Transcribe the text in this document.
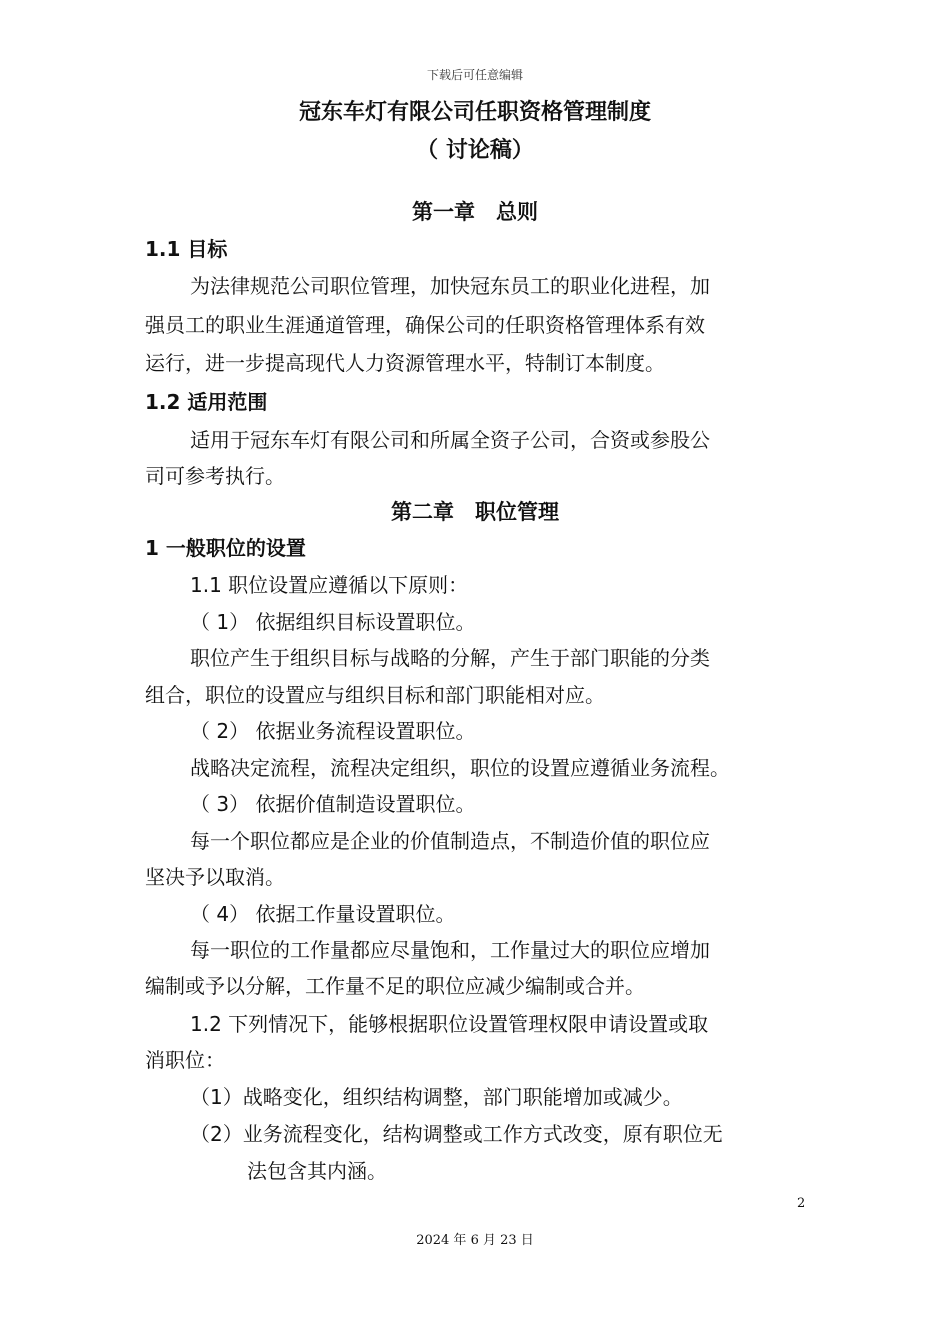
下载后可任意编辑
冠东车灯有限公司任职资格管理制度
（ 讨论稿）
第一章　总则
1.1 目标
为法律规范公司职位管理，加快冠东员工的职业化进程，加
强员工的职业生涯通道管理，确保公司的任职资格管理体系有效
运行，进一步提高现代人力资源管理水平，特制订本制度。
1.2 适用范围
适用于冠东车灯有限公司和所属全资子公司，合资或参股公
司可参考执行。
第二章　职位管理
1 一般职位的设置
1.1 职位设置应遵循以下原则：
（ 1） 依据组织目标设置职位。
职位产生于组织目标与战略的分解，产生于部门职能的分类
组合，职位的设置应与组织目标和部门职能相对应。
（ 2） 依据业务流程设置职位。
战略决定流程，流程决定组织，职位的设置应遵循业务流程。
（ 3） 依据价值制造设置职位。
每一个职位都应是企业的价值制造点，不制造价值的职位应
坚决予以取消。
（ 4） 依据工作量设置职位。
每一职位的工作量都应尽量饱和，工作量过大的职位应增加
编制或予以分解，工作量不足的职位应减少编制或合并。
1.2 下列情况下，能够根据职位设置管理权限申请设置或取
消职位：
（1）战略变化，组织结构调整，部门职能增加或减少。
（2）业务流程变化，结构调整或工作方式改变，原有职位无
法包含其内涵。
2
2024 年 6 月 23 日
